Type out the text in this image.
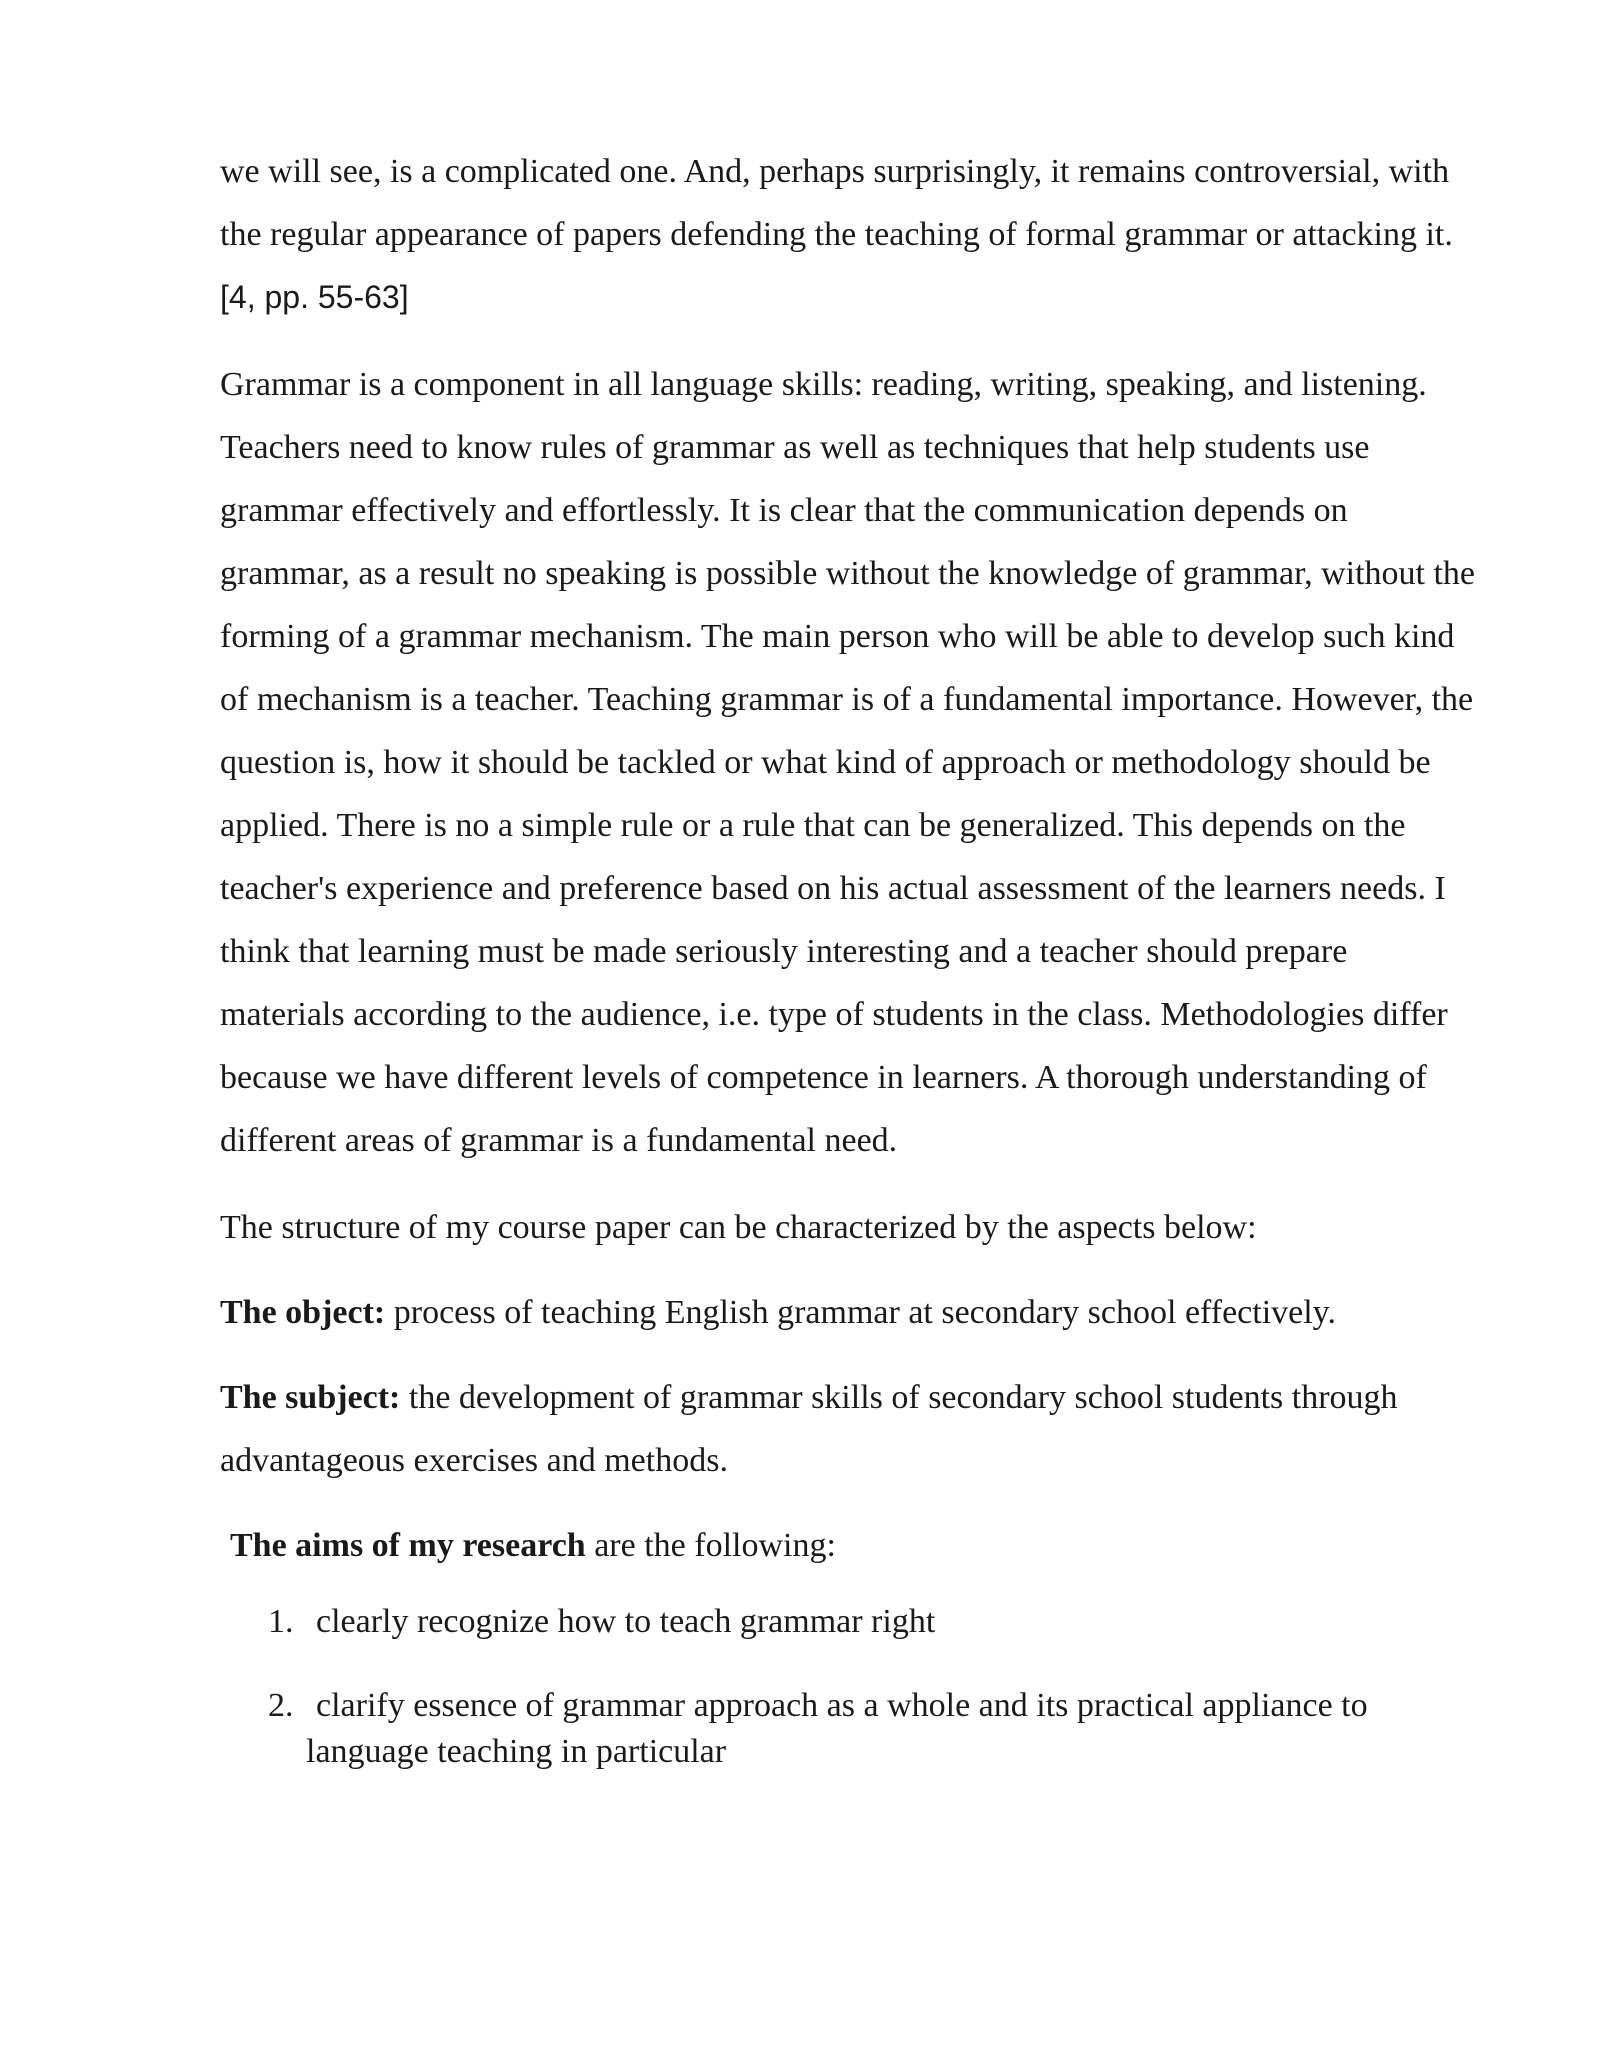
we will see, is a complicated one. And, perhaps surprisingly, it remains controversial, with the regular appearance of papers defending the teaching of formal grammar or attacking it.[4, pp. 55-63]

Grammar is a component in all language skills: reading, writing, speaking, and listening. Teachers need to know rules of grammar as well as techniques that help students use grammar effectively and effortlessly. It is clear that the communication depends on grammar, as a result no speaking is possible without the knowledge of grammar, without the forming of a grammar mechanism. The main person who will be able to develop such kind of mechanism is a teacher. Teaching grammar is of a fundamental importance. However, the question is, how it should be tackled or what kind of approach or methodology should be applied. There is no a simple rule or a rule that can be generalized. This depends on the teacher's experience and preference based on his actual assessment of the learners needs. I think that learning must be made seriously interesting and a teacher should prepare materials according to the audience, i.e. type of students in the class. Methodologies differ because we have different levels of competence in learners. A thorough understanding of different areas of grammar is a fundamental need.

The structure of my course paper can be characterized by the aspects below:

The object: process of teaching English grammar at secondary school effectively.

The subject: the development of grammar skills of secondary school students through advantageous exercises and methods.

The aims of my research are the following:

1. clearly recognize how to teach grammar right
2. clarify essence of grammar approach as a whole and its practical appliance to
language teaching in particular
